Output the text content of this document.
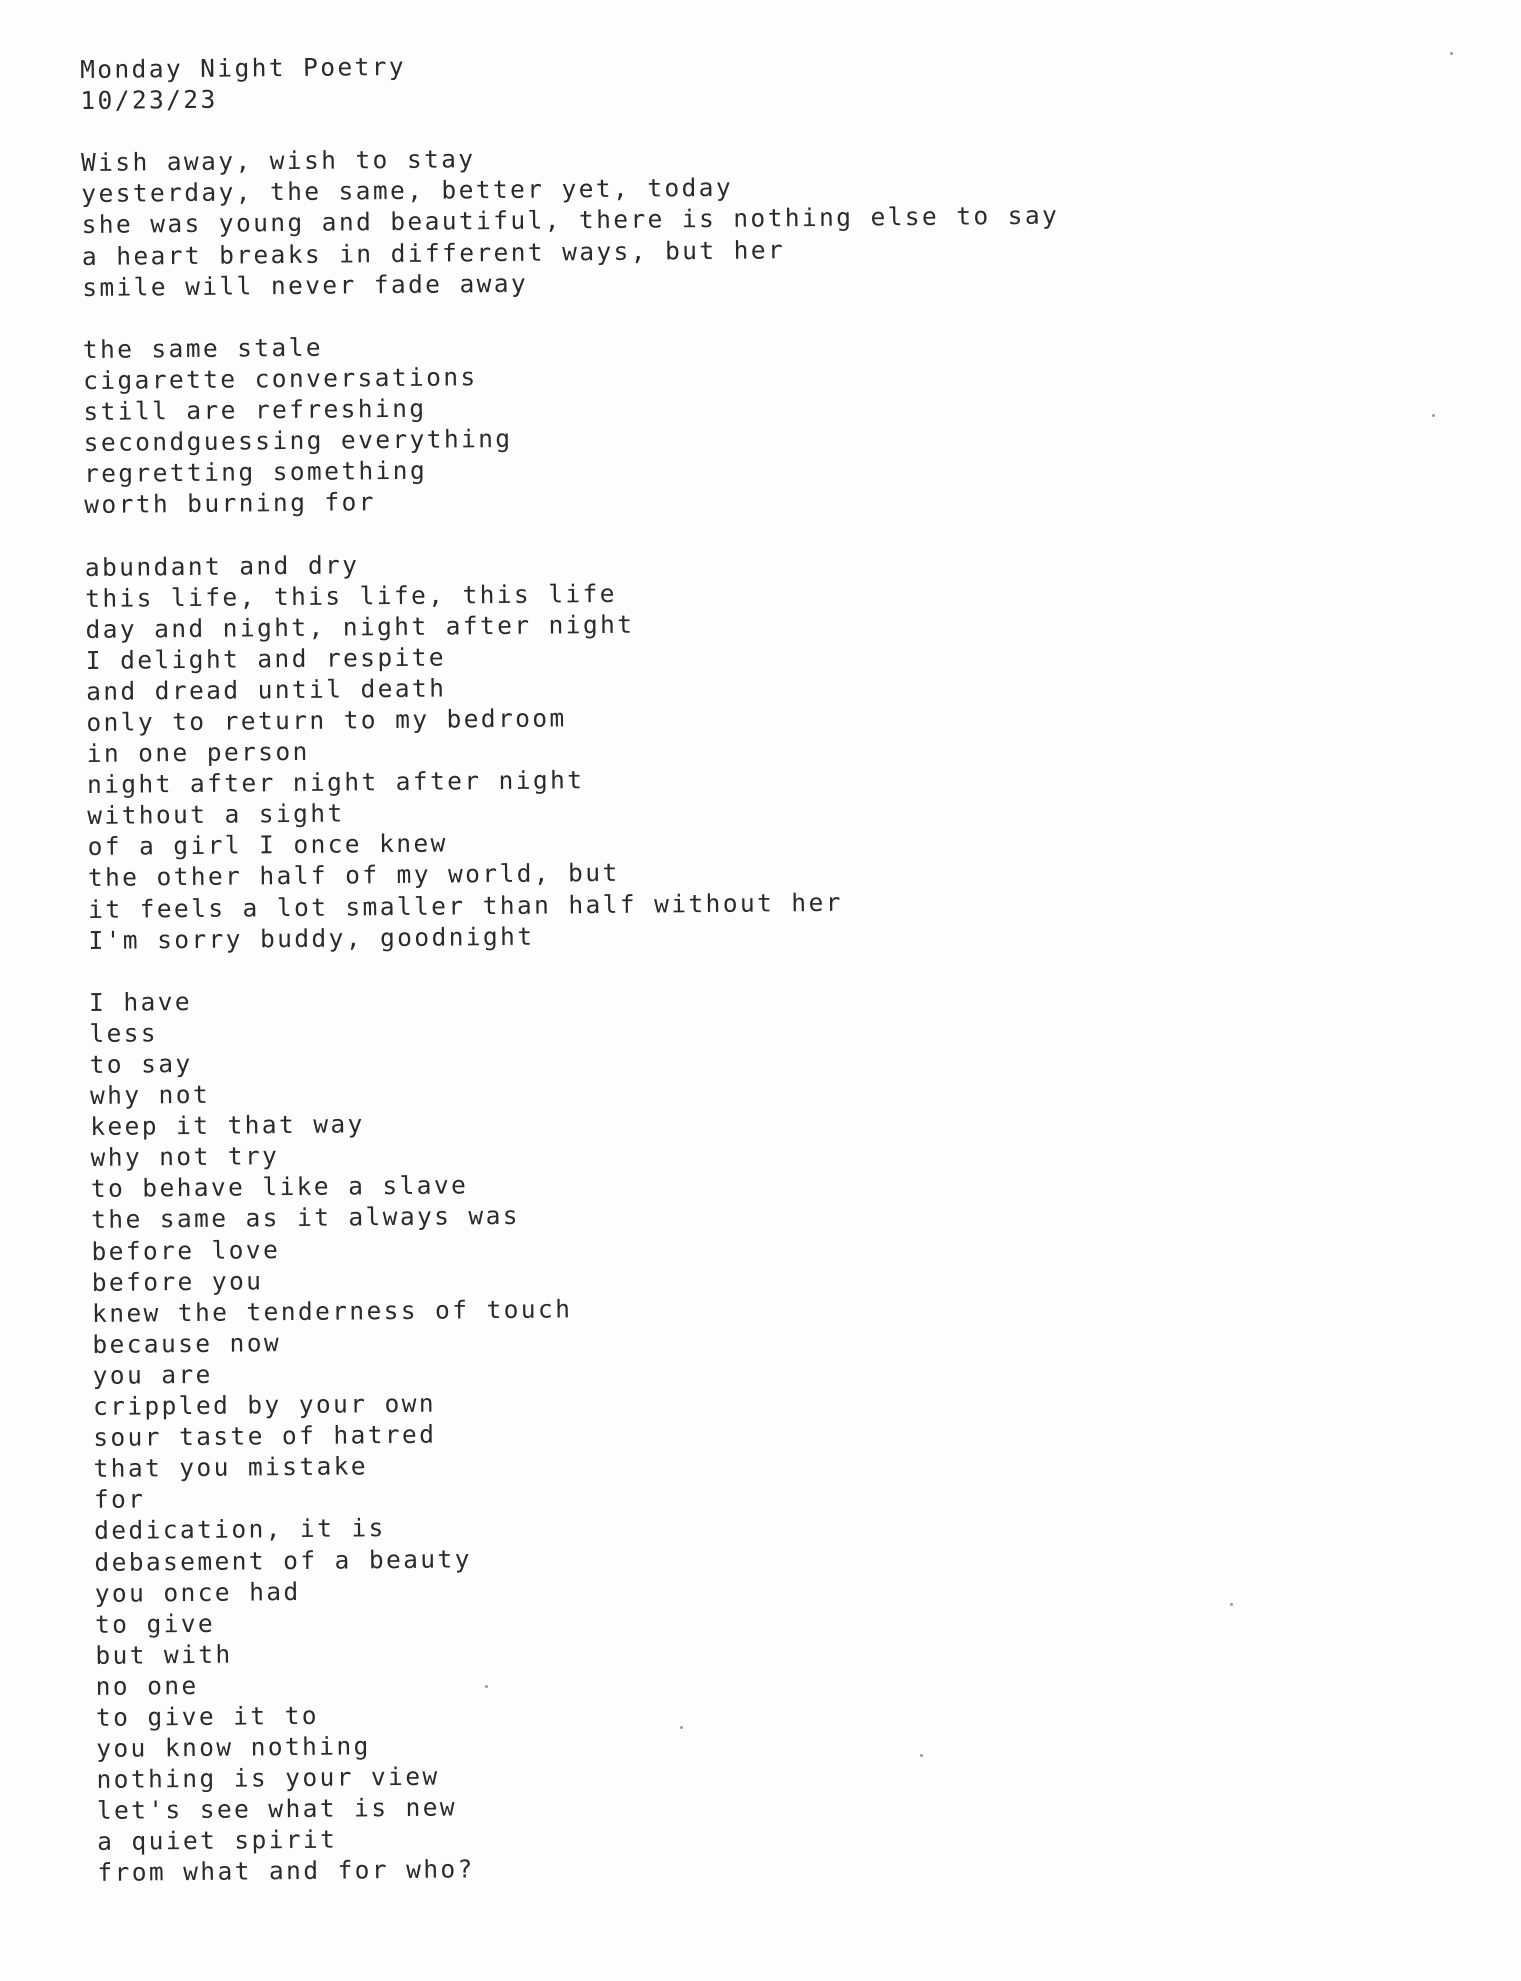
Monday Night Poetry
10/23/23
Wish away, wish to stay
yesterday, the same, better yet, today
she was young and beautiful, there is nothing else to say
a heart breaks in different ways, but her
smile will never fade away
the same stale
cigarette conversations
still are refreshing
secondguessing everything
regretting something
worth burning for
abundant and dry
this life, this life, this life
day and night, night after night
I delight and respite
and dread until death
only to return to my bedroom
in one person
night after night after night
without a sight
of a girl I once knew
the other half of my world, but
it feels a lot smaller than half without her
I'm sorry buddy, goodnight
I have
less
to say
why not
keep it that way
why not try
to behave like a slave
the same as it always was
before love
before you
knew the tenderness of touch
because now
you are
crippled by your own
sour taste of hatred
that you mistake
for
dedication, it is
debasement of a beauty
you once had
to give
but with
no one
to give it to
you know nothing
nothing is your view
let's see what is new
a quiet spirit
from what and for who?
